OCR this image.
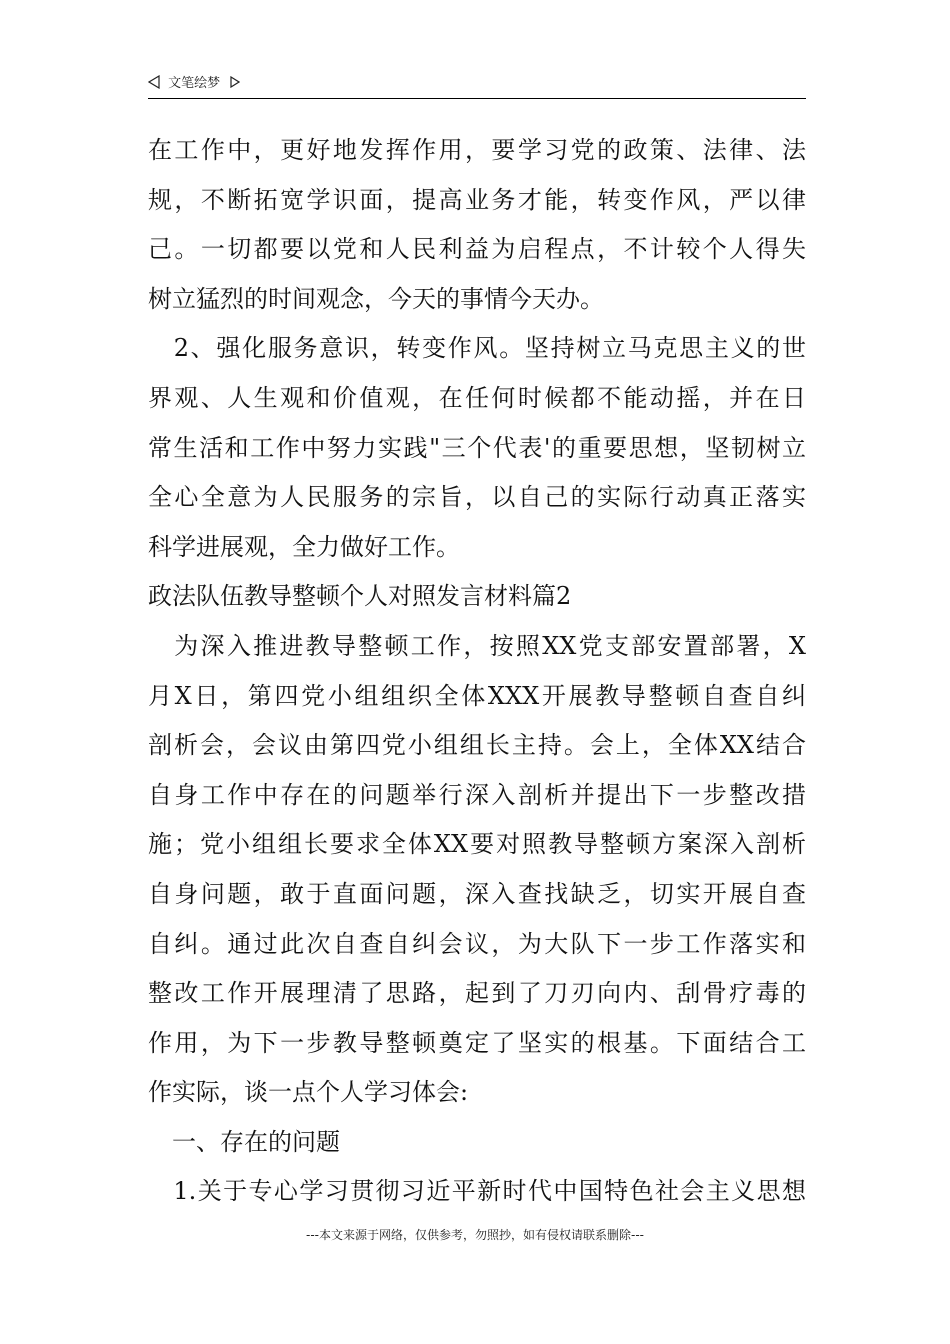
文笔绘梦
在工作中，更好地发挥作用，要学习党的政策、法律、法
规，不断拓宽学识面，提高业务才能，转变作风，严以律
己。一切都要以党和人民利益为启程点，不计较个人得失
树立猛烈的时间观念，今天的事情今天办。
　2、强化服务意识，转变作风。坚持树立马克思主义的世
界观、人生观和价值观，在任何时候都不能动摇，并在日
常生活和工作中努力实践"三个代表'的重要思想，坚韧树立
全心全意为人民服务的宗旨，以自己的实际行动真正落实
科学进展观，全力做好工作。
政法队伍教导整顿个人对照发言材料篇2
　为深入推进教导整顿工作，按照XX党支部安置部署，X
月X日，第四党小组组织全体XXX开展教导整顿自查自纠
剖析会，会议由第四党小组组长主持。会上，全体XX结合
自身工作中存在的问题举行深入剖析并提出下一步整改措
施；党小组组长要求全体XX要对照教导整顿方案深入剖析
自身问题，敢于直面问题，深入查找缺乏，切实开展自查
自纠。通过此次自查自纠会议，为大队下一步工作落实和
整改工作开展理清了思路，起到了刀刃向内、刮骨疗毒的
作用，为下一步教导整顿奠定了坚实的根基。下面结合工
作实际，谈一点个人学习体会:
　一、存在的问题
　1.关于专心学习贯彻习近平新时代中国特色社会主义思想
---本文来源于网络，仅供参考，勿照抄，如有侵权请联系删除---
